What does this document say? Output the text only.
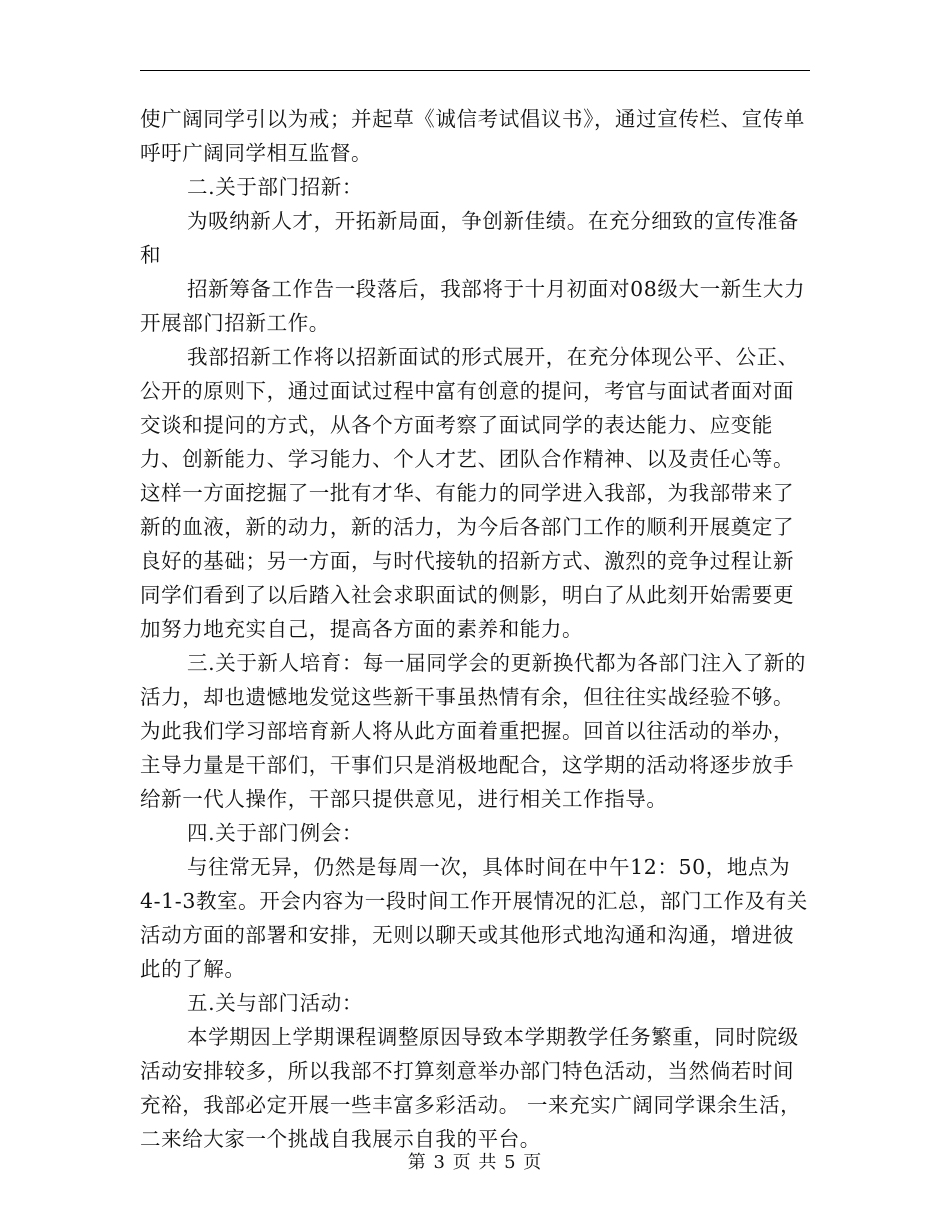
使广阔同学引以为戒；并起草《诚信考试倡议书》，通过宣传栏、宣传单呼吁广阔同学相互监督。

二.关于部门招新：

为吸纳新人才，开拓新局面，争创新佳绩。在充分细致的宣传准备和

招新筹备工作告一段落后，我部将于十月初面对08级大一新生大力开展部门招新工作。

我部招新工作将以招新面试的形式展开，在充分体现公平、公正、公开的原则下，通过面试过程中富有创意的提问，考官与面试者面对面交谈和提问的方式，从各个方面考察了面试同学的表达能力、应变能力、创新能力、学习能力、个人才艺、团队合作精神、以及责任心等。 这样一方面挖掘了一批有才华、有能力的同学进入我部，为我部带来了新的血液，新的动力，新的活力，为今后各部门工作的顺利开展奠定了良好的基础；另一方面，与时代接轨的招新方式、激烈的竞争过程让新同学们看到了以后踏入社会求职面试的侧影，明白了从此刻开始需要更加努力地充实自己，提高各方面的素养和能力。

三.关于新人培育：每一届同学会的更新换代都为各部门注入了新的活力，却也遗憾地发觉这些新干事虽热情有余，但往往实战经验不够。为此我们学习部培育新人将从此方面着重把握。回首以往活动的举办，主导力量是干部们，干事们只是消极地配合，这学期的活动将逐步放手给新一代人操作，干部只提供意见，进行相关工作指导。

四.关于部门例会：

与往常无异，仍然是每周一次，具体时间在中午12：50，地点为4-1-3教室。开会内容为一段时间工作开展情况的汇总，部门工作及有关活动方面的部署和安排，无则以聊天或其他形式地沟通和沟通，增进彼此的了解。

五.关与部门活动：

本学期因上学期课程调整原因导致本学期教学任务繁重，同时院级活动安排较多，所以我部不打算刻意举办部门特色活动，当然倘若时间充裕，我部必定开展一些丰富多彩活动。 一来充实广阔同学课余生活，二来给大家一个挑战自我展示自我的平台。

第 3 页 共 5 页
